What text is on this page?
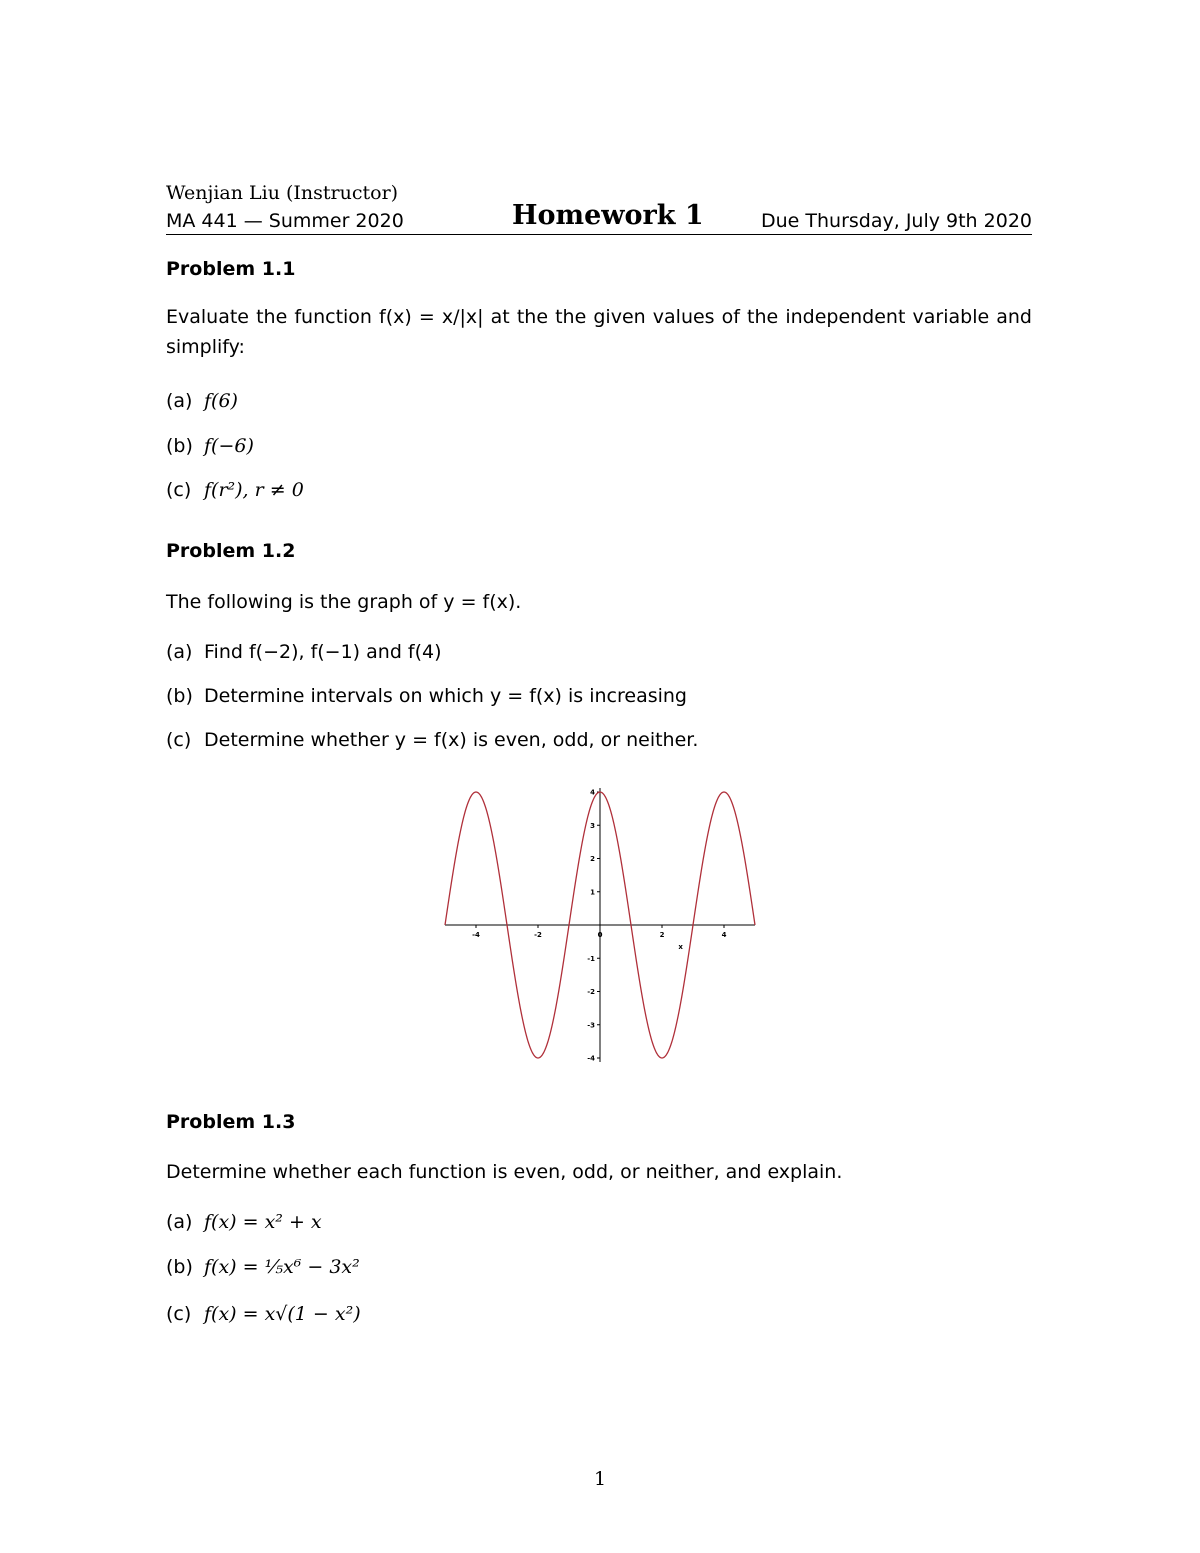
Wenjian Liu (Instructor)
MA 441 — Summer 2020	Homework 1	Due Thursday, July 9th 2020
Problem 1.1
Evaluate the function f(x) = x/|x| at the the given values of the independent variable and simplify:
(a) f(6)
(b) f(−6)
(c) f(r²), r ≠ 0
Problem 1.2
The following is the graph of y = f(x).
(a) Find f(−2), f(−1) and f(4)
(b) Determine intervals on which y = f(x) is increasing
(c) Determine whether y = f(x) is even, odd, or neither.
-4	-2	0	2	4
-4
-3
-2
-1
1
2
3
4
x
Problem 1.3
Determine whether each function is even, odd, or neither, and explain.
(a) f(x) = x² + x
(b) f(x) = ⅕x⁶ − 3x²
(c) f(x) = x√(1 − x²)
1
